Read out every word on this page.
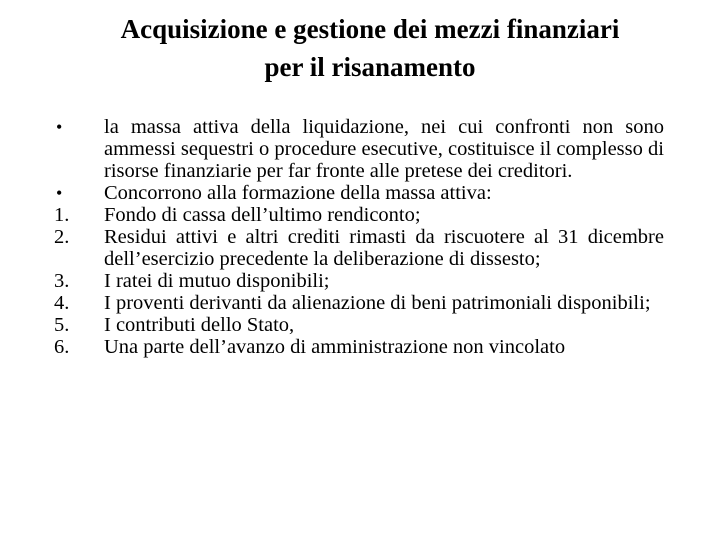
Acquisizione e gestione dei mezzi finanziari
per il risanamento
•	la massa attiva della liquidazione, nei cui confronti non sono ammessi sequestri o procedure esecutive, costituisce il complesso di risorse finanziarie per far fronte alle pretese dei creditori.
•	Concorrono alla formazione della massa attiva:
1.	Fondo di cassa dell’ultimo rendiconto;
2.	Residui attivi e altri crediti rimasti da riscuotere al 31 dicembre dell’esercizio precedente la deliberazione di dissesto;
3.	I ratei di mutuo disponibili;
4.	I proventi derivanti da alienazione di beni patrimoniali disponibili;
5.	I contributi dello Stato,
6.	Una parte dell’avanzo di amministrazione non vincolato
